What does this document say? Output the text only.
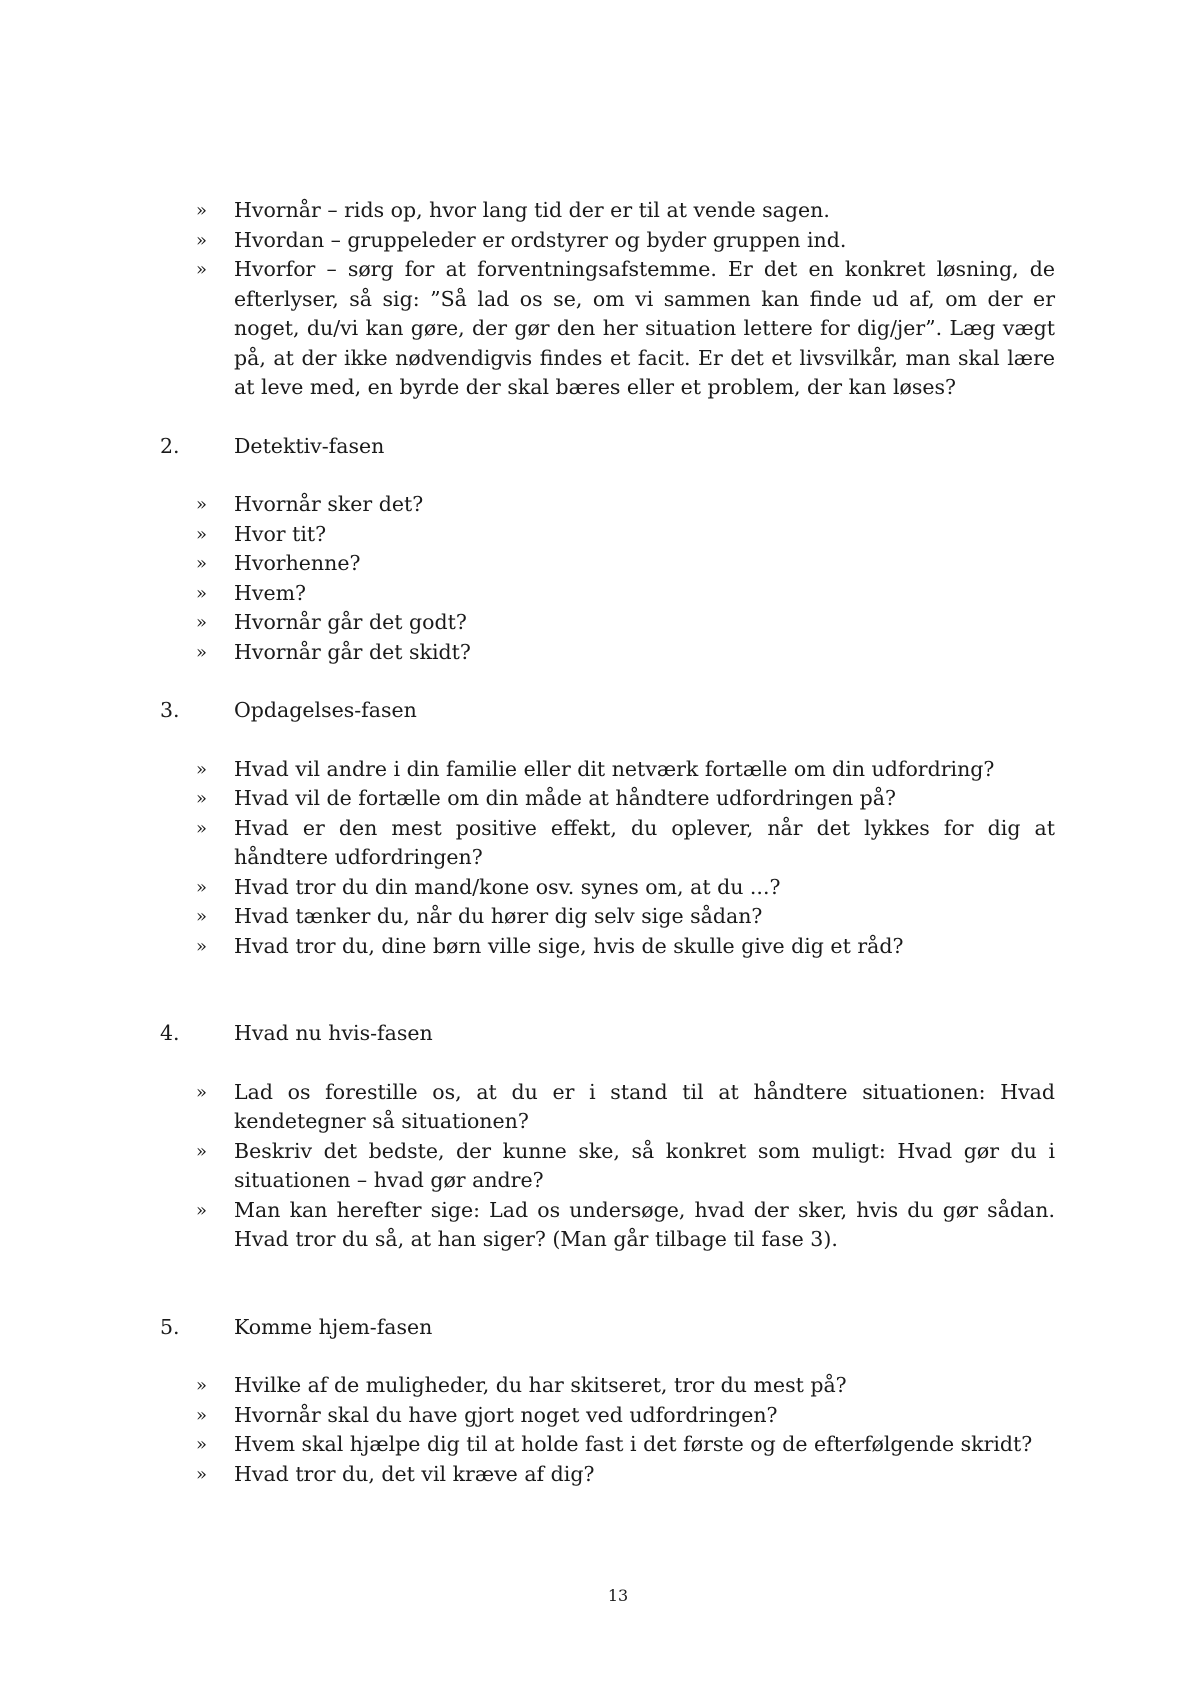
» Hvornår – rids op, hvor lang tid der er til at vende sagen.
» Hvordan – gruppeleder er ordstyrer og byder gruppen ind.
» Hvorfor – sørg for at forventningsafstemme. Er det en konkret løsning, de efterlyser, så sig: ”Så lad os se, om vi sammen kan finde ud af, om der er noget, du/vi kan gøre, der gør den her situation lettere for dig/jer”. Læg vægt på, at der ikke nødvendigvis findes et facit. Er det et livsvilkår, man skal lære at leve med, en byrde der skal bæres eller et problem, der kan løses?
2.	Detektiv-fasen
» Hvornår sker det?
» Hvor tit?
» Hvorhenne?
» Hvem?
» Hvornår går det godt?
» Hvornår går det skidt?
3.	Opdagelses-fasen
» Hvad vil andre i din familie eller dit netværk fortælle om din udfordring?
» Hvad vil de fortælle om din måde at håndtere udfordringen på?
» Hvad er den mest positive effekt, du oplever, når det lykkes for dig at håndtere udfordringen?
» Hvad tror du din mand/kone osv. synes om, at du ...?
» Hvad tænker du, når du hører dig selv sige sådan?
» Hvad tror du, dine børn ville sige, hvis de skulle give dig et råd?
4.	Hvad nu hvis-fasen
» Lad os forestille os, at du er i stand til at håndtere situationen: Hvad kendetegner så situationen?
» Beskriv det bedste, der kunne ske, så konkret som muligt: Hvad gør du i situationen – hvad gør andre?
» Man kan herefter sige: Lad os undersøge, hvad der sker, hvis du gør sådan. Hvad tror du så, at han siger? (Man går tilbage til fase 3).
5.	Komme hjem-fasen
» Hvilke af de muligheder, du har skitseret, tror du mest på?
» Hvornår skal du have gjort noget ved udfordringen?
» Hvem skal hjælpe dig til at holde fast i det første og de efterfølgende skridt?
» Hvad tror du, det vil kræve af dig?
13
